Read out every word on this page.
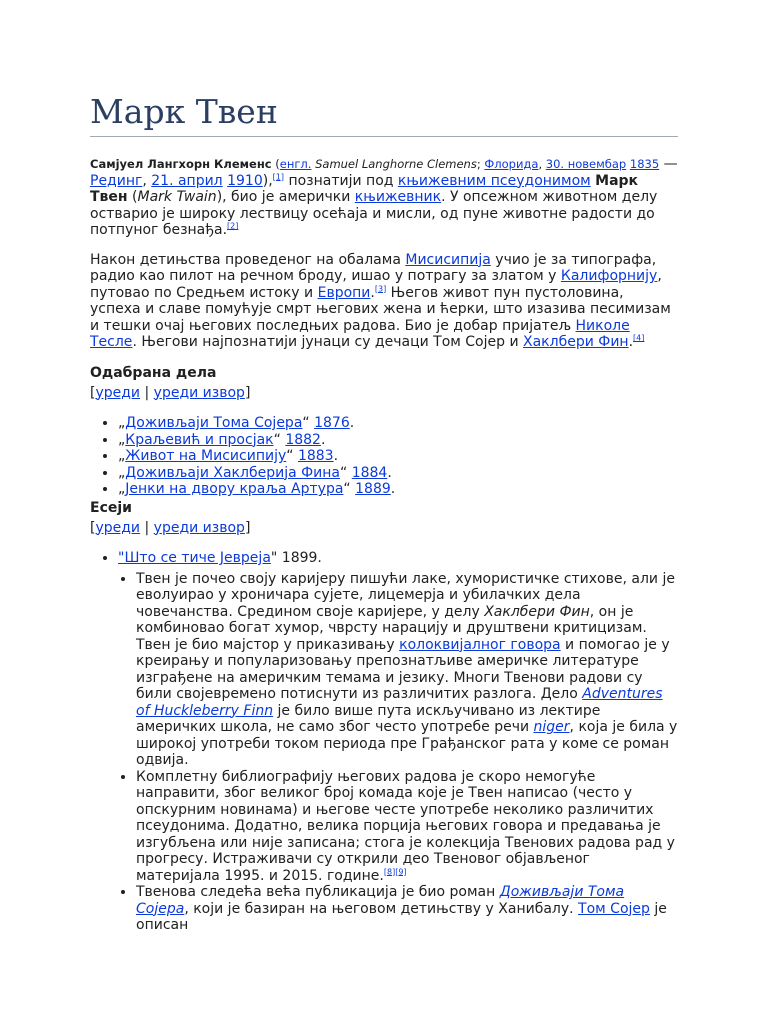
Марк Твен

Самјуел Лангхорн Клеменс (енгл. Samuel Langhorne Clemens; Флорида, 30. новембар 1835 — Рединг, 21. април 1910),[1] познатији под књижевним псеудонимом Марк Твен (Mark Twain), био је амерички књижевник. У опсежном животном делу остварио је широку лествицу осећаја и мисли, од пуне животне радости до потпуног безнађа.[2]

Након детињства проведеног на обалама Мисисипија учио је за типографа, радио као пилот на речном броду, ишао у потрагу за златом у Калифорнију, путовао по Средњем истоку и Европи.[3] Његов живот пун пустоловина, успеха и славе помућује смрт његових жена и ћерки, што изазива песимизам и тешки очај његових последњих радова. Био је добар пријатељ Николе Тесле. Његови најпознатији јунаци су дечаци Том Сојер и Хаклбери Фин.[4]

Одабрана дела
[уреди | уреди извор]
• „Доживљаји Тома Сојера“ 1876.
• „Краљевић и просјак“ 1882.
• „Живот на Мисисипију“ 1883.
• „Доживљаји Хаклберија Фина“ 1884.
• „Јенки на двору краља Артура“ 1889.
Есеји
[уреди | уреди извор]
• "Што се тиче Јевреја" 1899.
• Твен је почео своју каријеру пишући лаке, хумористичке стихове, али је еволуирао у хроничара сујете, лицемерја и убилачких дела човечанства. Средином своје каријере, у делу Хаклбери Фин, он је комбиновао богат хумор, чврсту нарацију и друштвени критицизам. Твен је био мајстор у приказивању колоквијалног говора и помогао је у креирању и популаризовању препознатљиве америчке литературе изграђене на америчким темама и језику. Многи Твенови радови су били својевремено потиснути из различитих разлога. Дело Adventures of Huckleberry Finn је било више пута искључивано из лектире америчких школа, не само због често употребе речи niger, која је била у широкој употреби током периода пре Грађанског рата у коме се роман одвија.
• Комплетну библиографију његових радова је скоро немогуће направити, због великог број комада које је Твен написао (често у опскурним новинама) и његове честе употребе неколико различитих псеудонима. Додатно, велика порција његових говора и предавања је изгубљена или није записана; стога је колекција Твенових радова рад у прогресу. Истраживачи су открили део Твеновог објављеног материјала 1995. и 2015. године.[8][9]
• Твенова следећа већа публикација је био роман Доживљаји Тома Сојера, који је базиран на његовом детињству у Ханибалу. Том Сојер је описан
